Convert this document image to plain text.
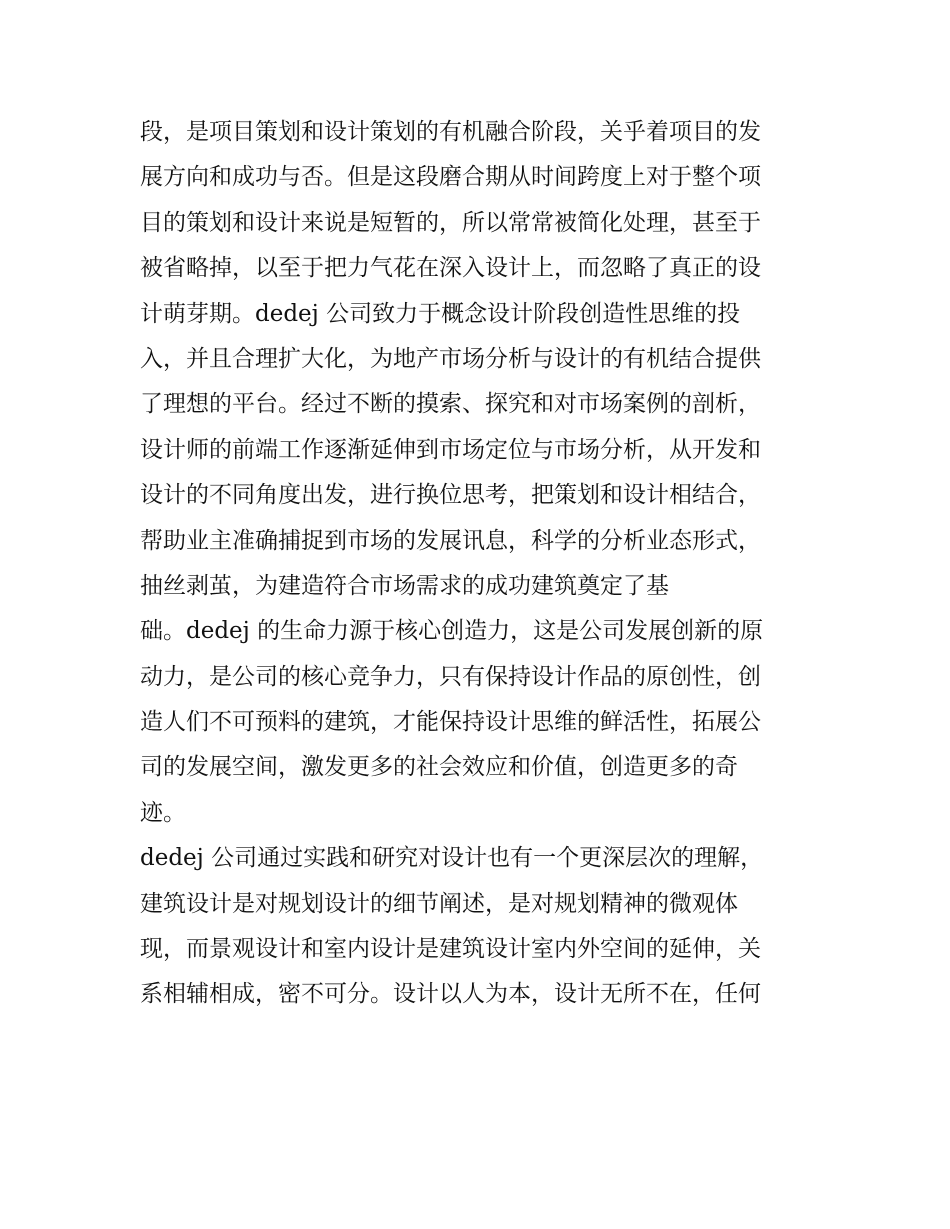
段，是项目策划和设计策划的有机融合阶段，关乎着项目的发
展方向和成功与否。但是这段磨合期从时间跨度上对于整个项
目的策划和设计来说是短暂的，所以常常被简化处理，甚至于
被省略掉，以至于把力气花在深入设计上，而忽略了真正的设
计萌芽期。dedej 公司致力于概念设计阶段创造性思维的投
入，并且合理扩大化，为地产市场分析与设计的有机结合提供
了理想的平台。经过不断的摸索、探究和对市场案例的剖析，
设计师的前端工作逐渐延伸到市场定位与市场分析，从开发和
设计的不同角度出发，进行换位思考，把策划和设计相结合，
帮助业主准确捕捉到市场的发展讯息，科学的分析业态形式，
抽丝剥茧，为建造符合市场需求的成功建筑奠定了基
础。dedej 的生命力源于核心创造力，这是公司发展创新的原
动力，是公司的核心竞争力，只有保持设计作品的原创性，创
造人们不可预料的建筑，才能保持设计思维的鲜活性，拓展公
司的发展空间，激发更多的社会效应和价值，创造更多的奇
迹。
dedej 公司通过实践和研究对设计也有一个更深层次的理解，
建筑设计是对规划设计的细节阐述，是对规划精神的微观体
现，而景观设计和室内设计是建筑设计室内外空间的延伸，关
系相辅相成，密不可分。设计以人为本，设计无所不在，任何
